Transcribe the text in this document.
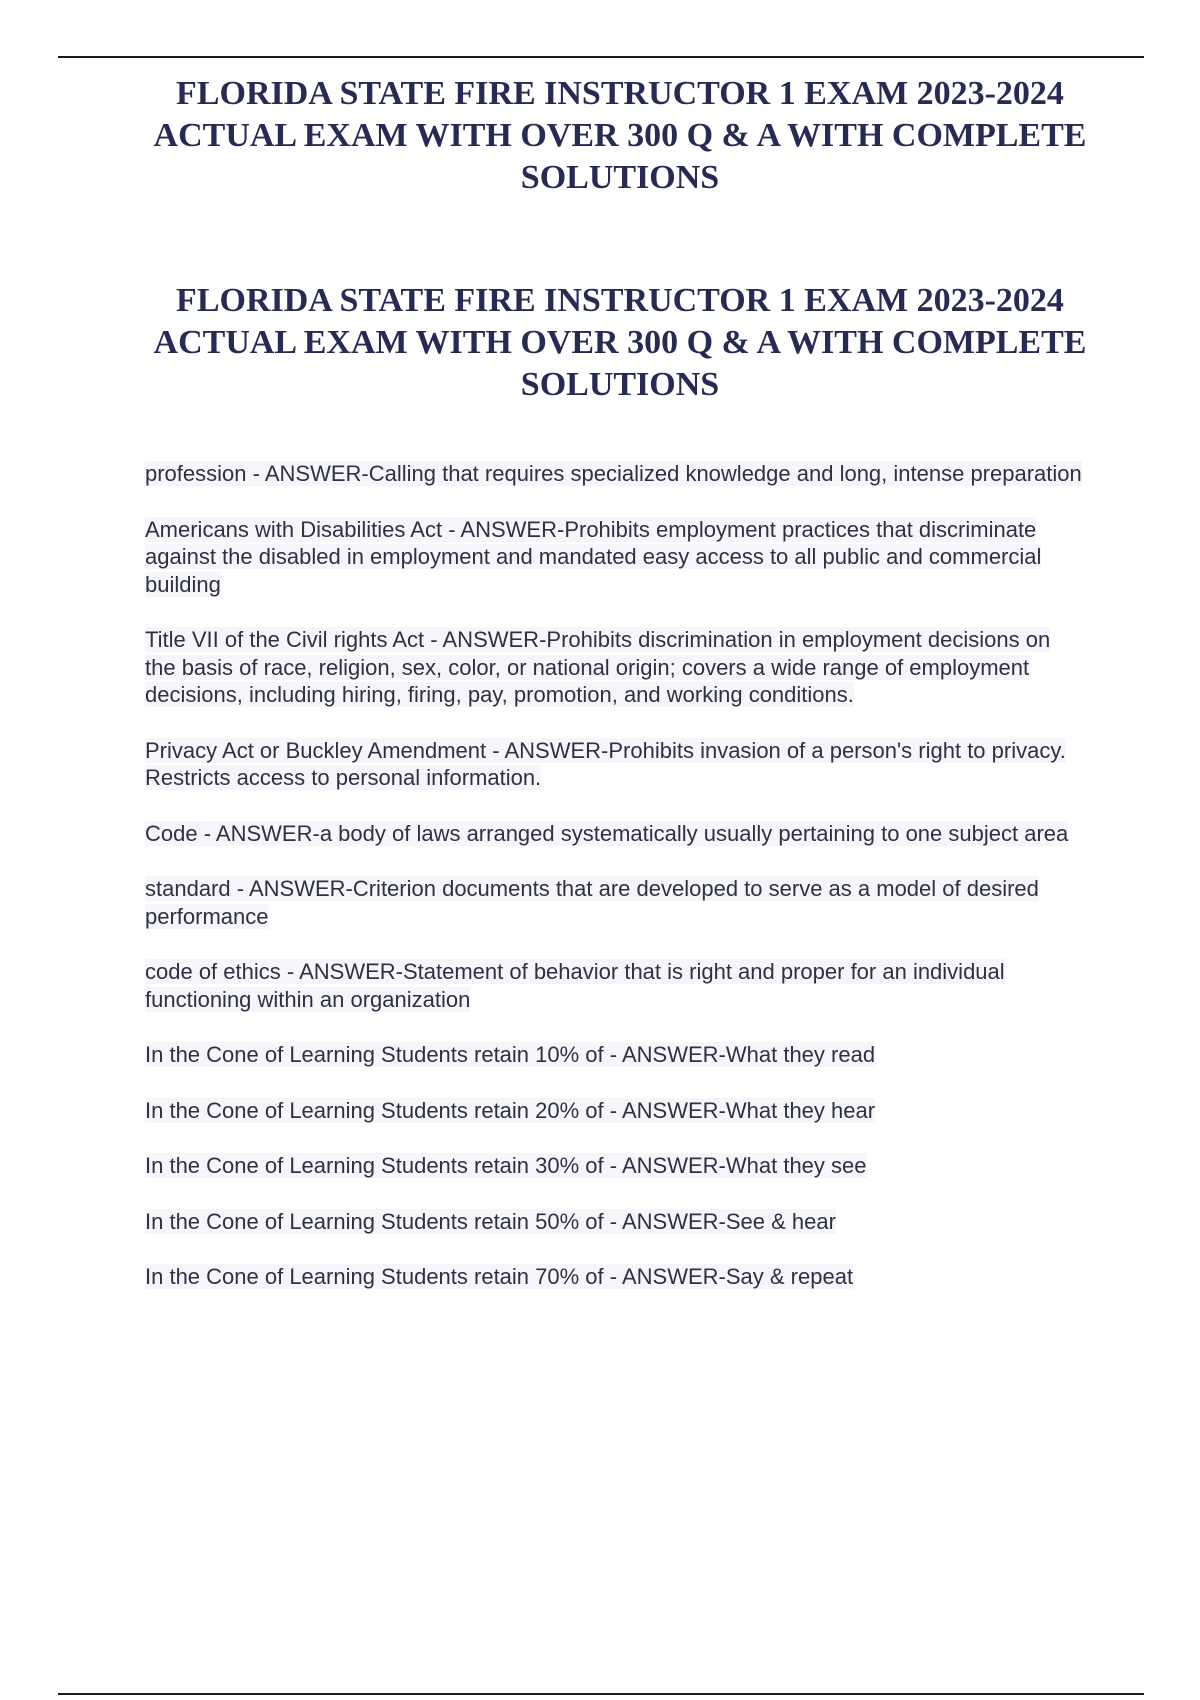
FLORIDA STATE FIRE INSTRUCTOR 1 EXAM 2023-2024 ACTUAL EXAM WITH OVER 300 Q & A WITH COMPLETE SOLUTIONS
FLORIDA STATE FIRE INSTRUCTOR 1 EXAM 2023-2024 ACTUAL EXAM WITH OVER 300 Q & A WITH COMPLETE SOLUTIONS
profession - ANSWER-Calling that requires specialized knowledge and long, intense preparation
Americans with Disabilities Act - ANSWER-Prohibits employment practices that discriminate against the disabled in employment and mandated easy access to all public and commercial building
Title VII of the Civil rights Act - ANSWER-Prohibits discrimination in employment decisions on the basis of race, religion, sex, color, or national origin; covers a wide range of employment decisions, including hiring, firing, pay, promotion, and working conditions.
Privacy Act or Buckley Amendment - ANSWER-Prohibits invasion of a person's right to privacy. Restricts access to personal information.
Code - ANSWER-a body of laws arranged systematically usually pertaining to one subject area
standard - ANSWER-Criterion documents that are developed to serve as a model of desired performance
code of ethics - ANSWER-Statement of behavior that is right and proper for an individual functioning within an organization
In the Cone of Learning Students retain 10% of - ANSWER-What they read
In the Cone of Learning Students retain 20% of - ANSWER-What they hear
In the Cone of Learning Students retain 30% of - ANSWER-What they see
In the Cone of Learning Students retain 50% of - ANSWER-See & hear
In the Cone of Learning Students retain 70% of - ANSWER-Say & repeat
